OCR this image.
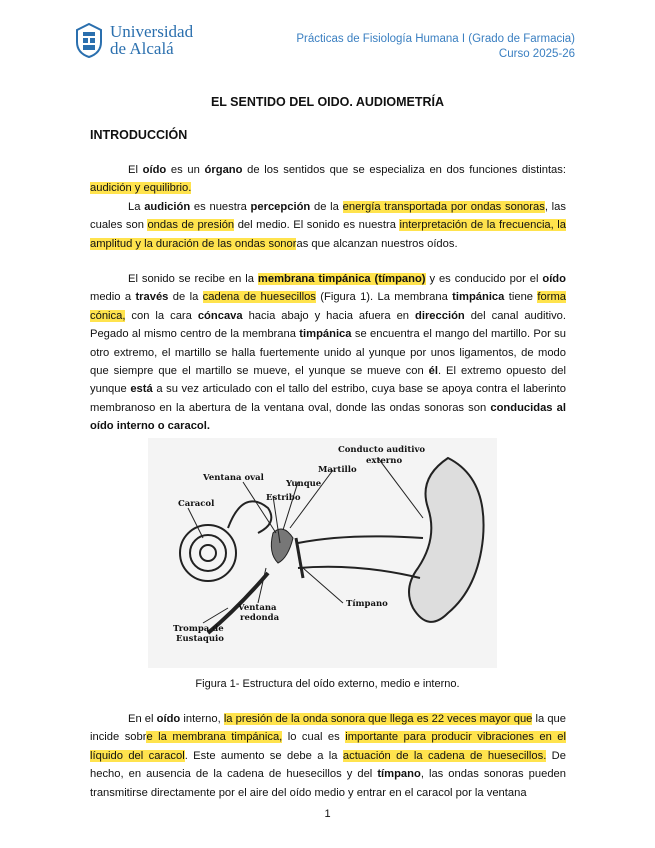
Universidad
de Alcalá	Prácticas de Fisiología Humana I (Grado de Farmacia)
Curso 2025-26
EL SENTIDO DEL OIDO. AUDIOMETRÍA
INTRODUCCIÓN

El oído es un órgano de los sentidos que se especializa en dos funciones distintas: audición y equilibrio.

La audición es nuestra percepción de la energía transportada por ondas sonoras, las cuales son ondas de presión del medio. El sonido es nuestra interpretación de la frecuencia, la amplitud y la duración de las ondas sonoras que alcanzan nuestros oídos.

El sonido se recibe en la membrana timpánica (tímpano) y es conducido por el oído medio a través de la cadena de huesecillos (Figura 1). La membrana timpánica tiene forma cónica, con la cara cóncava hacia abajo y hacia afuera en dirección del canal auditivo. Pegado al mismo centro de la membrana timpánica se encuentra el mango del martillo. Por su otro extremo, el martillo se halla fuertemente unido al yunque por unos ligamentos, de modo que siempre que el martillo se mueve, el yunque se mueve con él. El extremo opuesto del yunque está a su vez articulado con el tallo del estribo, cuya base se apoya contra el laberinto membranoso en la abertura de la ventana oval, donde las ondas sonoras son conducidas al oído interno o caracol.

Conducto auditivo
externo
Martillo
Ventana oval
Yunque
Estribo
Caracol
Tímpano
Ventana
redonda
Trompa de
Eustaquio
Figura 1- Estructura del oído externo, medio e interno.

En el oído interno, la presión de la onda sonora que llega es 22 veces mayor que la que incide sobre la membrana timpánica, lo cual es importante para producir vibraciones en el líquido del caracol. Este aumento se debe a la actuación de la cadena de huesecillos. De hecho, en ausencia de la cadena de huesecillos y del tímpano, las ondas sonoras pueden transmitirse directamente por el aire del oído medio y entrar en el caracol por la ventana

1
